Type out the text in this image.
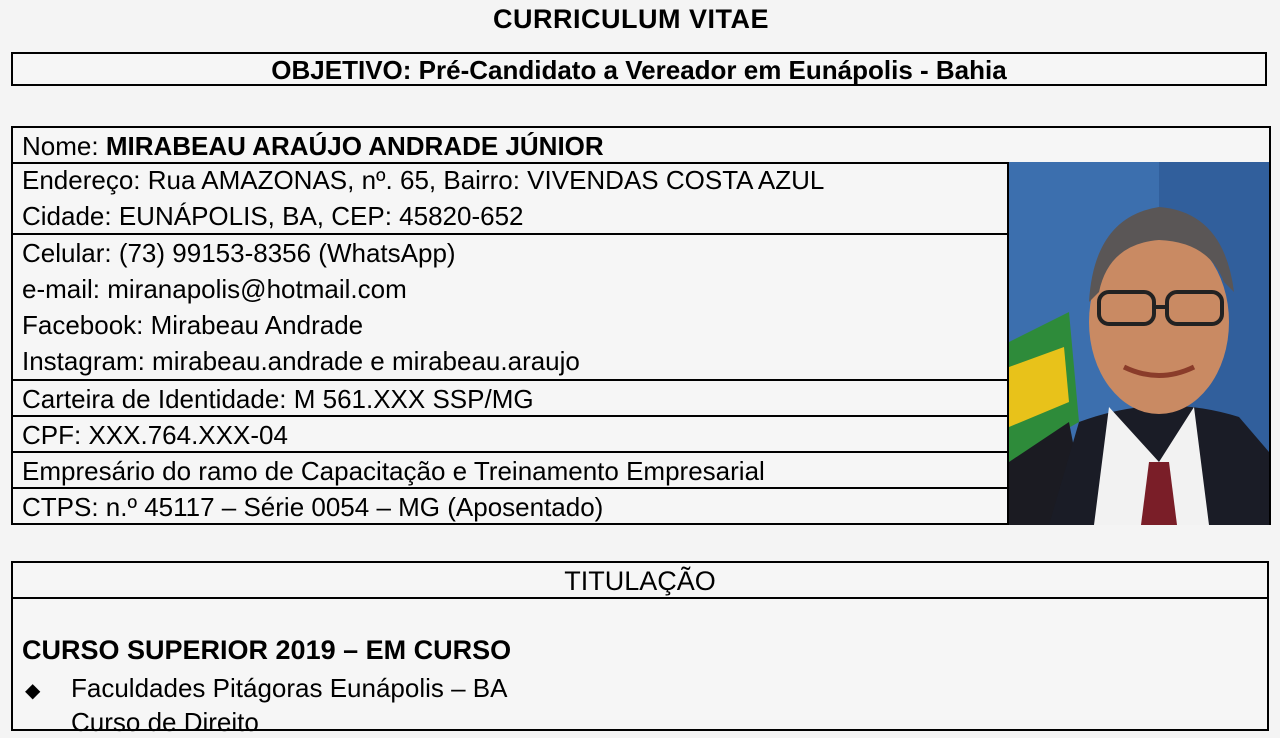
CURRICULUM VITAE
OBJETIVO: Pré-Candidato a Vereador em Eunápolis - Bahia
Nome: MIRABEAU ARAÚJO ANDRADE JÚNIOR
Endereço: Rua AMAZONAS, nº. 65, Bairro: VIVENDAS COSTA AZUL
Cidade: EUNÁPOLIS, BA, CEP: 45820-652
Celular: (73) 99153-8356 (WhatsApp)
e-mail: miranapolis@hotmail.com
Facebook: Mirabeau Andrade
Instagram: mirabeau.andrade e mirabeau.araujo
Carteira de Identidade: M 561.XXX SSP/MG
CPF: XXX.764.XXX-04
Empresário do ramo de Capacitação e Treinamento Empresarial
CTPS: n.º 45117 – Série 0054 – MG (Aposentado)
TITULAÇÃO
CURSO SUPERIOR 2019 – EM CURSO
◆ Faculdades Pitágoras Eunápolis – BA
Curso de Direito
